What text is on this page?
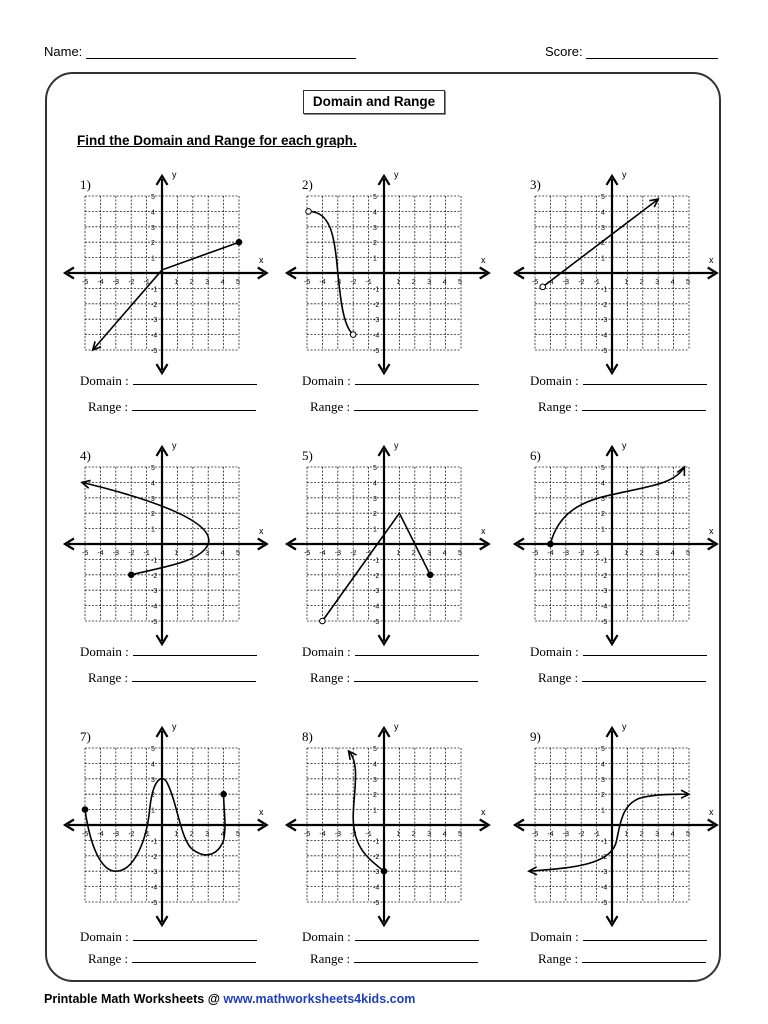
Name:	Score:
Domain and Range
Find the Domain and Range for each graph.
1)
x
y
-5 -4 -3 -2 -1	1 2 3 4 5
5
4
3
2
1
-1
-2
-3
-4
-5
Domain :
Range :
2)
x
y
-5 -4 -3 -2 -1	1 2 3 4 5
5
4
3
2
1
-1
-2
-3
-4
-5
Domain :
Range :
3)
x
y
-5 -4 -3 -2 -1	1 2 3 4 5
5
4
3
2
1
-1
-2
-3
-4
-5
Domain :
Range :
4)
x
y
-5 -4 -3 -2 -1	1 2 3 4 5
5
4
3
2
1
-1
-2
-3
-4
-5
Domain :
Range :
5)
x
y
-5 -4 -3 -2 -1	1 2 3 4 5
5
4
3
2
1
-1
-2
-3
-4
-5
Domain :
Range :
6)
x
y
-5 -4 -3 -2 -1	1 2 3 4 5
5
4
3
2
1
-1
-2
-3
-4
-5
Domain :
Range :
7)
x
y
-5 -4 -3 -2 -1	1 2 3 4 5
5
4
3
2
1
-1
-2
-3
-4
-5
Domain :
Range :
8)
x
y
-5 -4 -3 -2 -1	1 2 3 4 5
5
4
3
2
1
-1
-2
-3
-4
-5
Domain :
Range :
9)
x
y
-5 -4 -3 -2 -1	1 2 3 4 5
5
4
3
2
1
-1
-2
-3
-4
-5
Domain :
Range :
Printable Math Worksheets @ www.mathworksheets4kids.com
